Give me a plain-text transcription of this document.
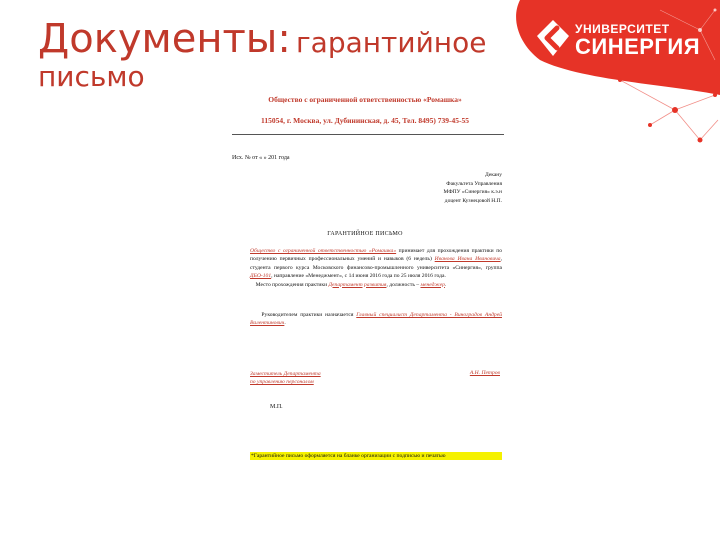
Документы: гарантийное
письмо
УНИВЕРСИТЕТ
СИНЕРГИЯ
Общество с ограниченной ответственностью «Ромашка»
115054, г. Москва, ул. Дубининская, д. 45, Тел. 8495) 739-45-55
Исх. № от « » 201 года
Декану
Факультета Управления
МФПУ «Синергия» к.э.н
доцент Кузнецовой Н.П.
ГАРАНТИЙНОЕ ПИСЬМО
Общество с ограниченной ответственностью «Ромашка» принимает для прохождения практики по получению первичных профессиональных умений и навыков (6 недель) Иванова Ивана Ивановича, студента первого курса Московского финансово-промышленного университета «Синергия», группа ДБО-101, направление «Менеджмент», с 14 июня 2016 года по 25 июля 2016 года.
Место прохождения практики Департамент развития, должность – менеджер.
Руководителем практики назначается Главный специалист Департамента - Виноградов Андрей Валентинович.
Заместитель Департамента
по управлению персоналом
А.Н. Петров
М.П.
*Гарантийное письмо оформляется на бланке организации с подписью и печатью
